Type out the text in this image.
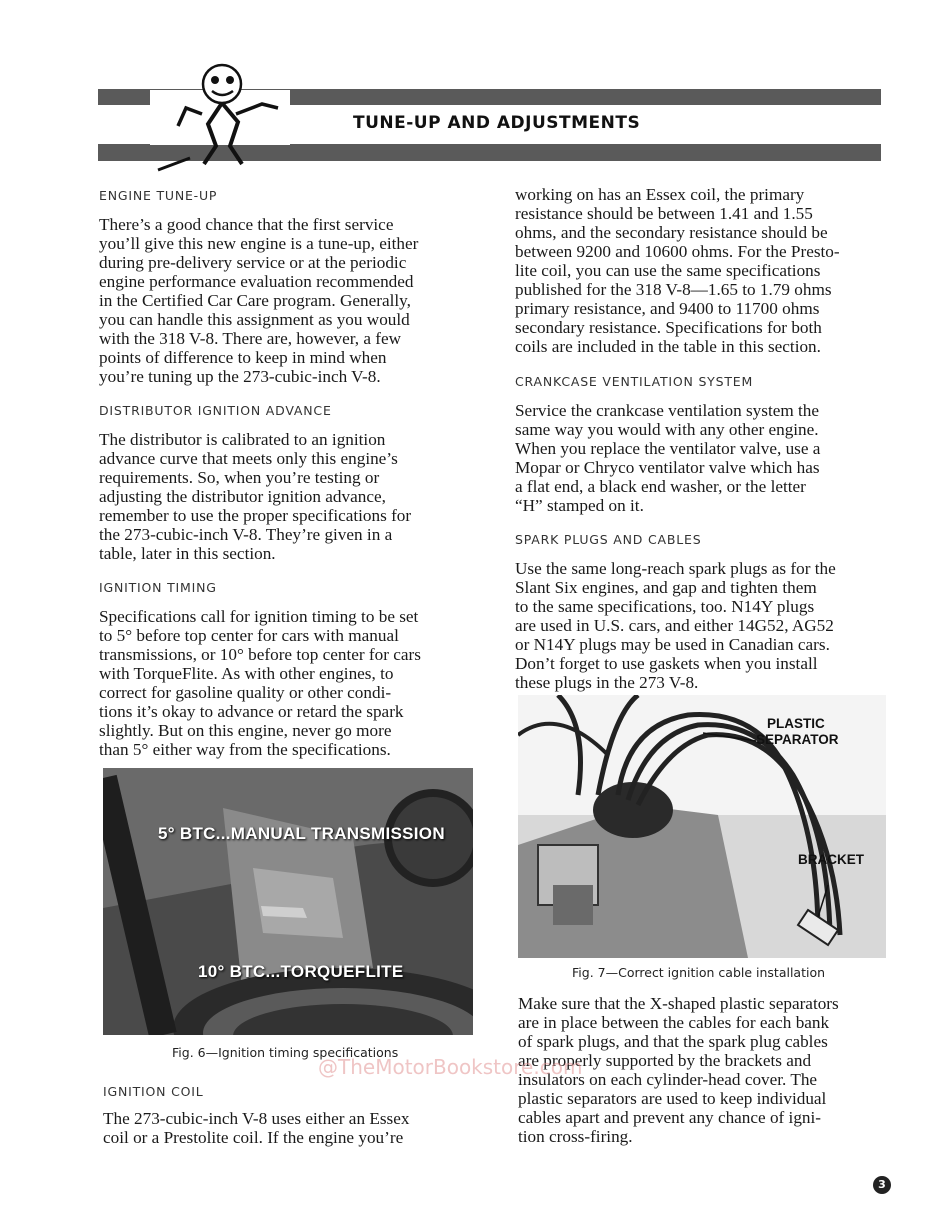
TUNE-UP AND ADJUSTMENTS
ENGINE TUNE-UP
There’s a good chance that the first service
you’ll give this new engine is a tune-up, either
during pre-delivery service or at the periodic
engine performance evaluation recommended
in the Certified Car Care program. Generally,
you can handle this assignment as you would
with the 318 V-8. There are, however, a few
points of difference to keep in mind when
you’re tuning up the 273-cubic-inch V-8.
DISTRIBUTOR IGNITION ADVANCE
The distributor is calibrated to an ignition
advance curve that meets only this engine’s
requirements. So, when you’re testing or
adjusting the distributor ignition advance,
remember to use the proper specifications for
the 273-cubic-inch V-8. They’re given in a
table, later in this section.
IGNITION TIMING
Specifications call for ignition timing to be set
to 5° before top center for cars with manual
transmissions, or 10° before top center for cars
with TorqueFlite. As with other engines, to
correct for gasoline quality or other condi-
tions it’s okay to advance or retard the spark
slightly. But on this engine, never go more
than 5° either way from the specifications.
5° BTC...MANUAL TRANSMISSION
10° BTC...TORQUEFLITE
Fig. 6—Ignition timing specifications
IGNITION COIL
The 273-cubic-inch V-8 uses either an Essex
coil or a Prestolite coil. If the engine you’re
working on has an Essex coil, the primary
resistance should be between 1.41 and 1.55
ohms, and the secondary resistance should be
between 9200 and 10600 ohms. For the Presto-
lite coil, you can use the same specifications
published for the 318 V-8—1.65 to 1.79 ohms
primary resistance, and 9400 to 11700 ohms
secondary resistance. Specifications for both
coils are included in the table in this section.
CRANKCASE VENTILATION SYSTEM
Service the crankcase ventilation system the
same way you would with any other engine.
When you replace the ventilator valve, use a
Mopar or Chryco ventilator valve which has
a flat end, a black end washer, or the letter
“H” stamped on it.
SPARK PLUGS AND CABLES
Use the same long-reach spark plugs as for the
Slant Six engines, and gap and tighten them
to the same specifications, too. N14Y plugs
are used in U.S. cars, and either 14G52, AG52
or N14Y plugs may be used in Canadian cars.
Don’t forget to use gaskets when you install
these plugs in the 273 V-8.
PLASTIC
SEPARATOR
BRACKET
Fig. 7—Correct ignition cable installation
Make sure that the X-shaped plastic separators
are in place between the cables for each bank
of spark plugs, and that the spark plug cables
are properly supported by the brackets and
insulators on each cylinder-head cover. The
plastic separators are used to keep individual
cables apart and prevent any chance of igni-
tion cross-firing.
@TheMotorBookstore.com
3
